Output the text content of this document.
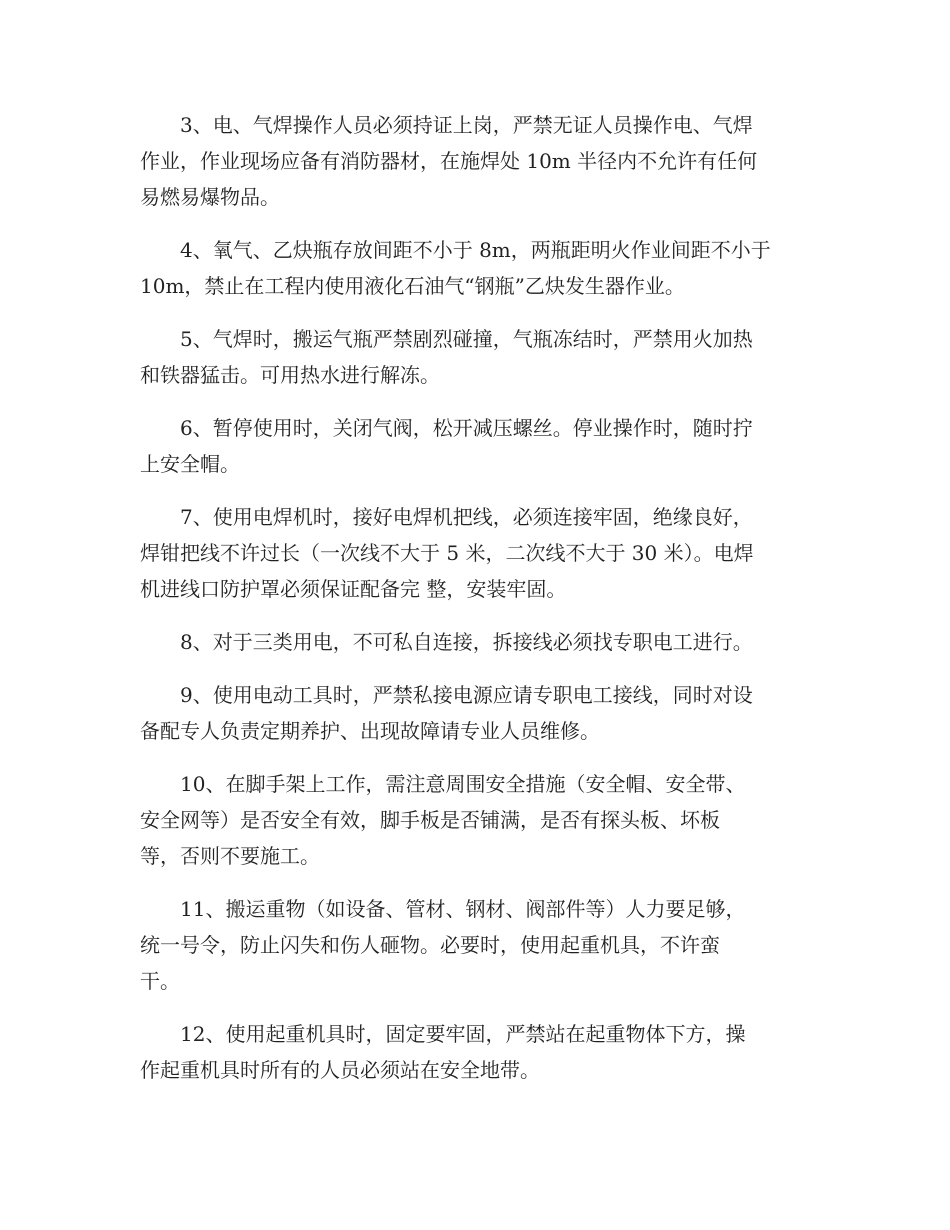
3、电、气焊操作人员必须持证上岗，严禁无证人员操作电、气焊
作业，作业现场应备有消防器材，在施焊处 10m 半径内不允许有任何
易燃易爆物品。

4、氧气、乙炔瓶存放间距不小于 8m，两瓶距明火作业间距不小于
10m，禁止在工程内使用液化石油气“钢瓶”乙炔发生器作业。

5、气焊时，搬运气瓶严禁剧烈碰撞，气瓶冻结时，严禁用火加热
和铁器猛击。可用热水进行解冻。

6、暂停使用时，关闭气阀，松开减压螺丝。停业操作时，随时拧
上安全帽。

7、使用电焊机时，接好电焊机把线，必须连接牢固，绝缘良好，
焊钳把线不许过长（一次线不大于 5 米，二次线不大于 30 米）。电焊
机进线口防护罩必须保证配备完 整，安装牢固。

8、对于三类用电，不可私自连接，拆接线必须找专职电工进行。

9、使用电动工具时，严禁私接电源应请专职电工接线，同时对设
备配专人负责定期养护、出现故障请专业人员维修。

10、在脚手架上工作，需注意周围安全措施（安全帽、安全带、
安全网等）是否安全有效，脚手板是否铺满，是否有探头板、坏板
等，否则不要施工。

11、搬运重物（如设备、管材、钢材、阀部件等）人力要足够，
统一号令，防止闪失和伤人砸物。必要时，使用起重机具，不许蛮
干。

12、使用起重机具时，固定要牢固，严禁站在起重物体下方，操
作起重机具时所有的人员必须站在安全地带。
